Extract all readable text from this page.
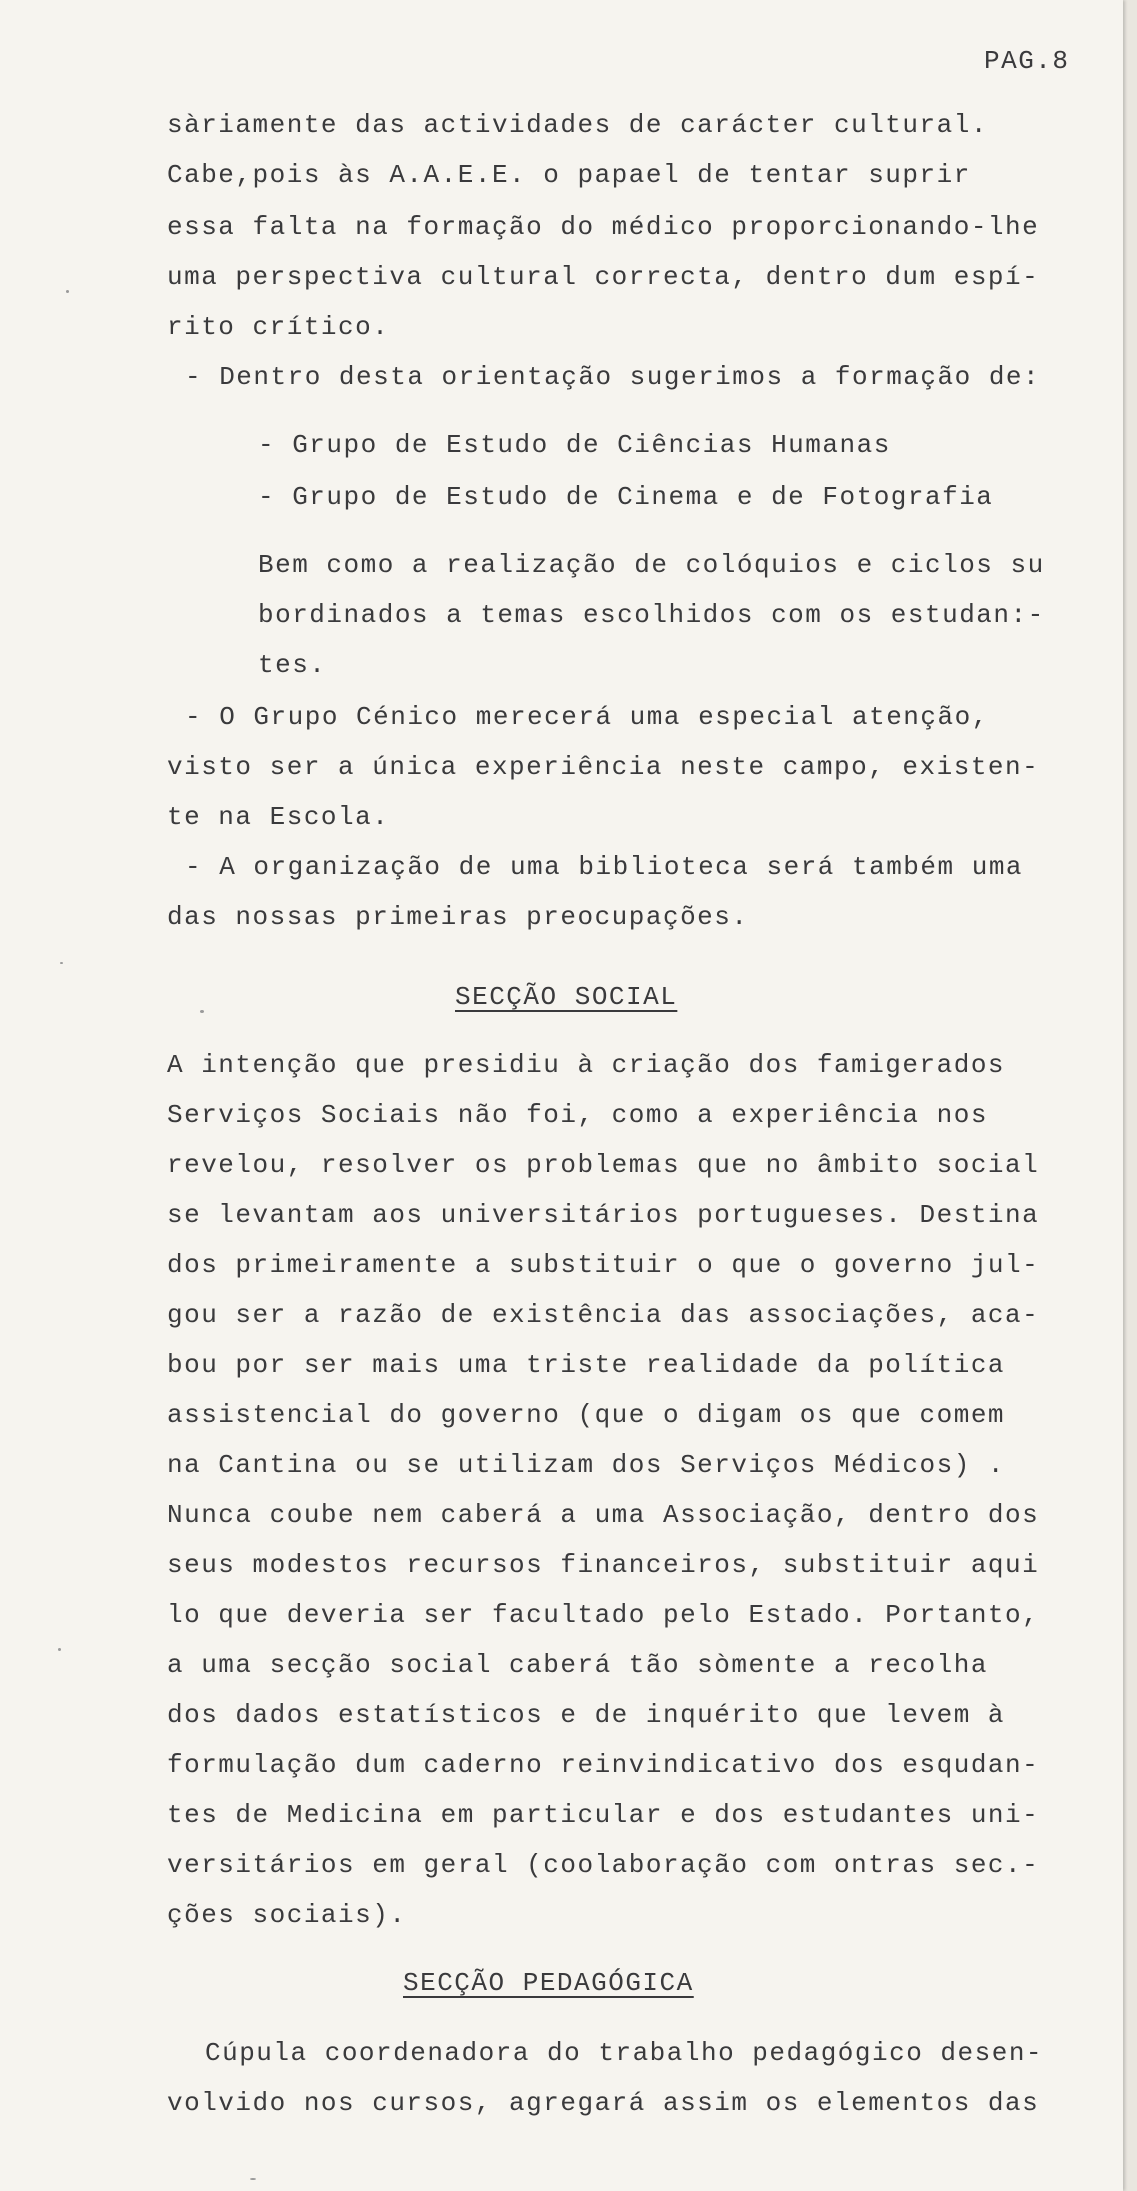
PAG.8
sàriamente das actividades de carácter cultural.
Cabe,pois às A.A.E.E. o papael de tentar suprir
essa falta na formação do médico proporcionando-lhe
uma perspectiva cultural correcta, dentro dum espí-
rito crítico.
- Dentro desta orientação sugerimos a formação de:
- Grupo de Estudo de Ciências Humanas
- Grupo de Estudo de Cinema e de Fotografia
Bem como a realização de colóquios e ciclos su
bordinados a temas escolhidos com os estudan:-
tes.
- O Grupo Cénico merecerá uma especial atenção,
visto ser a única experiência neste campo, existen-
te na Escola.
- A organização de uma biblioteca será também uma
das nossas primeiras preocupações.
SECÇÃO SOCIAL
A intenção que presidiu à criação dos famigerados
Serviços Sociais não foi, como a experiência nos
revelou, resolver os problemas que no âmbito social
se levantam aos universitários portugueses. Destina
dos primeiramente a substituir o que o governo jul-
gou ser a razão de existência das associações, aca-
bou por ser mais uma triste realidade da política
assistencial do governo (que o digam os que comem
na Cantina ou se utilizam dos Serviços Médicos) .
Nunca coube nem caberá a uma Associação, dentro dos
seus modestos recursos financeiros, substituir aqui
lo que deveria ser facultado pelo Estado. Portanto,
a uma secção social caberá tão sòmente a recolha
dos dados estatísticos e de inquérito que levem à
formulação dum caderno reinvindicativo dos esqudan-
tes de Medicina em particular e dos estudantes uni-
versitários em geral (coolaboração com ontras sec.-
ções sociais).
SECÇÃO PEDAGÓGICA
Cúpula coordenadora do trabalho pedagógico desen-
volvido nos cursos, agregará assim os elementos das
